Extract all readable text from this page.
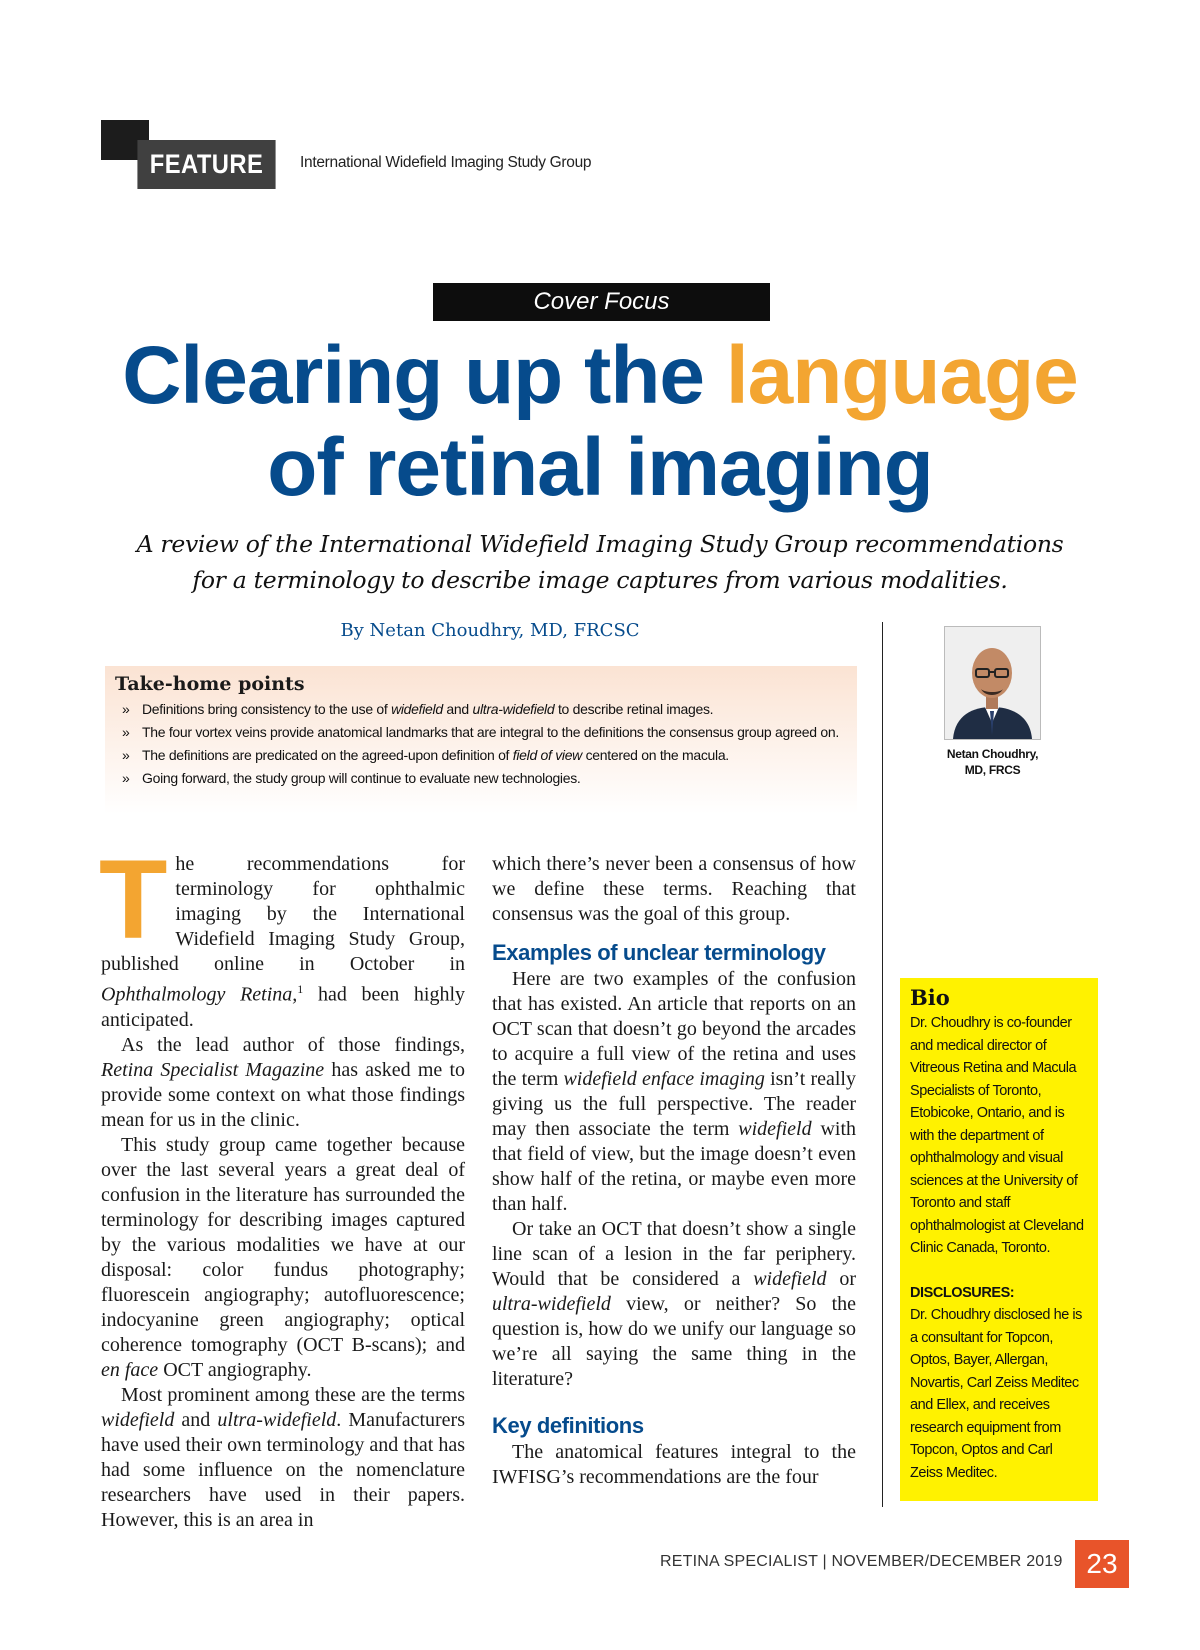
FEATURE	International Widefield Imaging Study Group
Cover Focus
Clearing up the language
of retinal imaging
A review of the International Widefield Imaging Study Group recommendations
for a terminology to describe image captures from various modalities.
By Netan Choudhry, MD, FRCSC
Netan Choudhry,
MD, FRCS
Take-home points
» Definitions bring consistency to the use of widefield and ultra-widefield to describe retinal images.
» The four vortex veins provide anatomical landmarks that are integral to the definitions the consensus group agreed on.
» The definitions are predicated on the agreed-upon definition of field of view centered on the macula.
» Going forward, the study group will continue to evaluate new technologies.

The recommendations for terminology for ophthalmic imaging by the International Widefield Imaging Study Group, published online in October in Ophthalmology Retina,$^1$ had been highly anticipated.

As the lead author of those findings, Retina Specialist Magazine has asked me to provide some context on what those findings mean for us in the clinic.

This study group came together because over the last several years a great deal of confusion in the literature has surrounded the terminology for describing images captured by the various modalities we have at our disposal: color fundus photography; fluorescein angiography; autofluorescence; indocyanine green angiography; optical coherence tomography (OCT B-scans); and en face OCT angiography.

Most prominent among these are the terms widefield and ultra-widefield. Manufacturers have used their own terminology and that has had some influence on the nomenclature researchers have used in their papers. However, this is an area in

which there’s never been a consensus of how we define these terms. Reaching that consensus was the goal of this group.

Examples of unclear terminology

Here are two examples of the confusion that has existed. An article that reports on an OCT scan that doesn’t go beyond the arcades to acquire a full view of the retina and uses the term widefield enface imaging isn’t really giving us the full perspective. The reader may then associate the term widefield with that field of view, but the image doesn’t even show half of the retina, or maybe even more than half.

Or take an OCT that doesn’t show a single line scan of a lesion in the far periphery. Would that be considered a widefield or ultra-widefield view, or neither? So the question is, how do we unify our language so we’re all saying the same thing in the literature?

Key definitions

The anatomical features integral to the IWFISG’s recommendations are the four

Bio

Dr. Choudhry is co-founder and medical director of Vitreous Retina and Macula Specialists of Toronto, Etobicoke, Ontario, and is with the department of ophthalmology and visual sciences at the University of Toronto and staff ophthalmologist at Cleveland Clinic Canada, Toronto.

DISCLOSURES:

Dr. Choudhry disclosed he is a consultant for Topcon, Optos, Bayer, Allergan, Novartis, Carl Zeiss Meditec and Ellex, and receives research equipment from Topcon, Optos and Carl Zeiss Meditec.

RETINA SPECIALIST | NOVEMBER/DECEMBER 2019 23
